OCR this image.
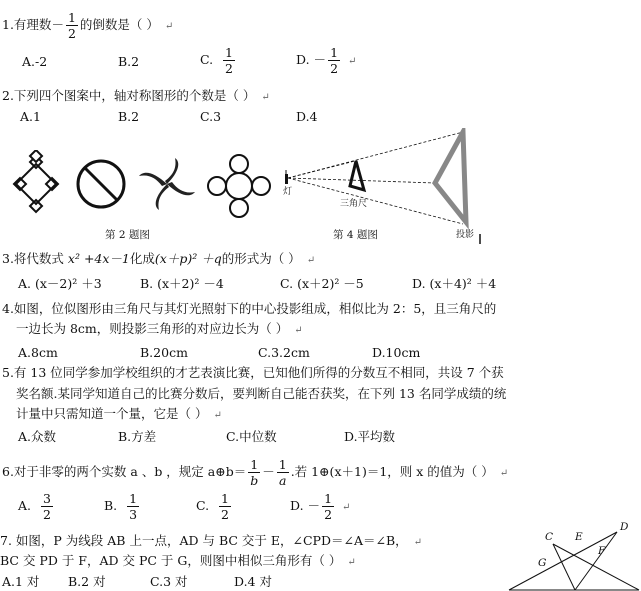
1.有理数－ $\frac{1}{2}$ 的倒数是（ ） ↵
A.-2	B.2	C. $\frac{1}{2}$	D. － $\frac{1}{2}$ ↵
2.下列四个图案中，轴对称图形的个数是（ ） ↵
A.1	B.2	C.3	D.4
第 2 题图
灯
三角尺
投影
第 4 题图
3.将代数式 x² +4x－1化成(x＋p)² ＋q的形式为（ ） ↵
A. (x－2)² ＋3	B. (x＋2)² －4	C. (x＋2)² －5	D. (x＋4)² ＋4
4.如图，位似图形由三角尺与其灯光照射下的中心投影组成，相似比为 2：5，且三角尺的
一边长为 8cm，则投影三角形的对应边长为（ ） ↵
A.8cm	B.20cm	C.3.2cm	D.10cm
5.有 13 位同学参加学校组织的才艺表演比赛，已知他们所得的分数互不相同，共设 7 个获
奖名额.某同学知道自己的比赛分数后，要判断自己能否获奖，在下列 13 名同学成绩的统
计量中只需知道一个量，它是（ ） ↵
A.众数	B.方差	C.中位数	D.平均数
6.对于非零的两个实数 a 、b ，规定 a⊕b＝ $\frac{1}{b} - \frac{1}{a}$ .若 1⊕(x＋1)＝1，则 x 的值为（ ） ↵
A. $\frac{3}{2}$	B. $\frac{1}{3}$	C. $\frac{1}{2}$	D. － $\frac{1}{2}$ ↵
7. 如图，P 为线段 AB 上一点，AD 与 BC 交于 E，∠CPD＝∠A＝∠B， ↵
BC 交 PD 于 F，AD 交 PC 于 G，则图中相似三角形有（ ） ↵
A.1 对 B.2 对	C.3 对	D.4 对
C E
D
F
G
